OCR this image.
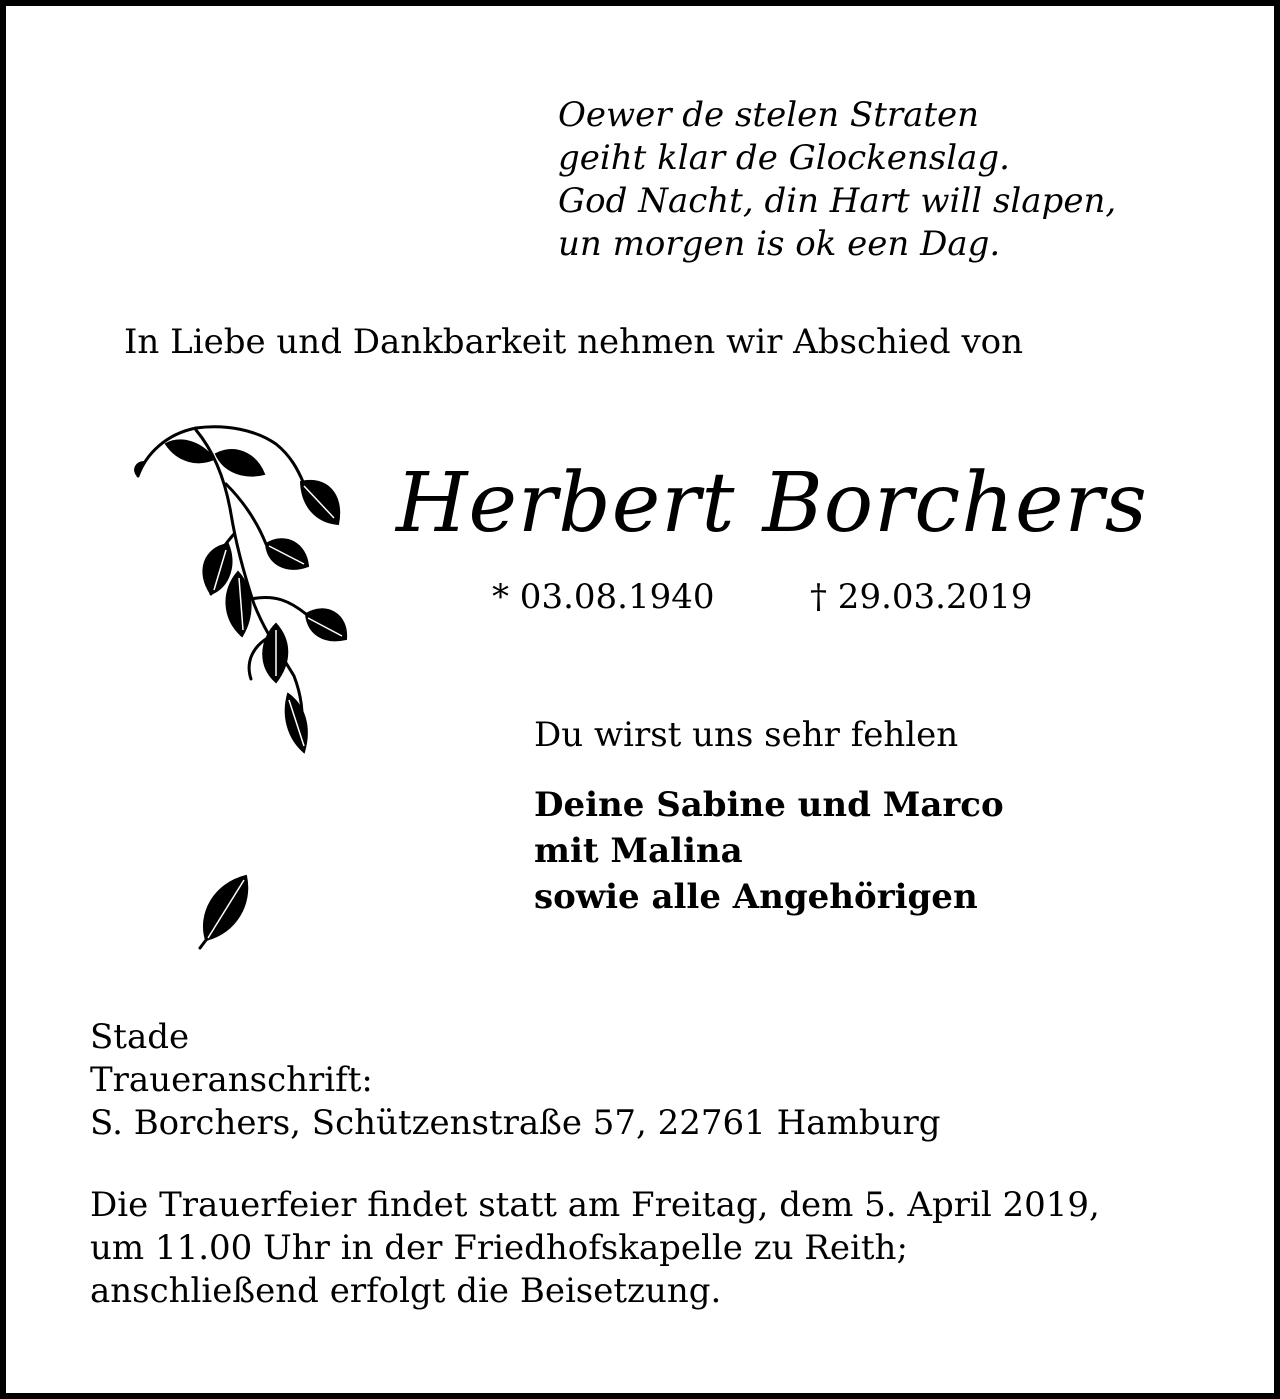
Oewer de stelen Straten
geiht klar de Glockenslag.
God Nacht, din Hart will slapen,
un morgen is ok een Dag.
In Liebe und Dankbarkeit nehmen wir Abschied von
Herbert Borchers
* 03.08.1940	† 29.03.2019
Du wirst uns sehr fehlen
Deine Sabine und Marco
mit Malina
sowie alle Angehörigen
Stade
Traueranschrift:
S. Borchers, Schützenstraße 57, 22761 Hamburg
Die Trauerfeier findet statt am Freitag, dem 5. April 2019,
um 11.00 Uhr in der Friedhofskapelle zu Reith;
anschließend erfolgt die Beisetzung.
